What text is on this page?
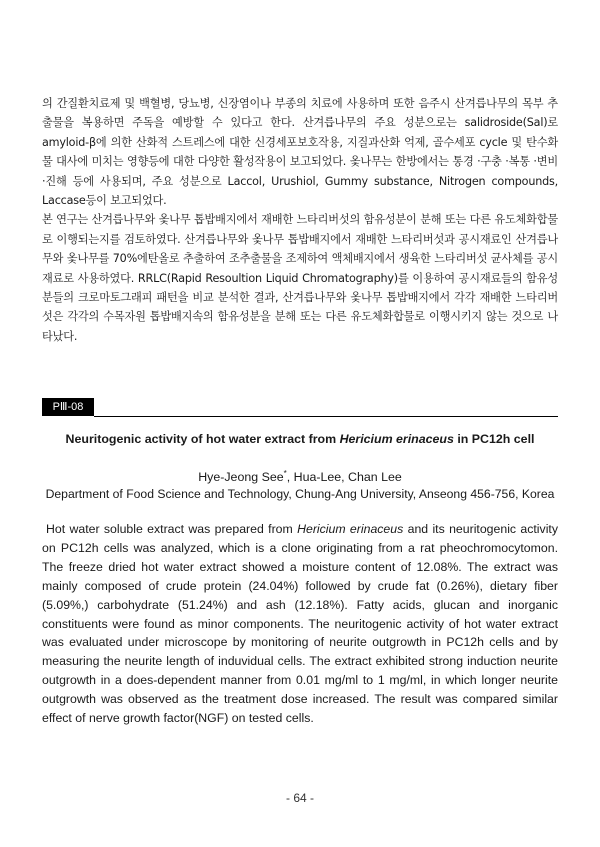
의 간질환치료제 및 백혈병, 당뇨병, 신장염이나 부종의 치료에 사용하며 또한 음주시 산겨릅나무의 목부 추출물을 복용하면 주독을 예방할 수 있다고 한다. 산겨릅나무의 주요 성분으로는 salidroside(Sal)로 amyloid-β에 의한 산화적 스트레스에 대한 신경세포보호작용, 지질과산화 억제, 골수세포 cycle 및 탄수화물 대사에 미치는 영향등에 대한 다양한 활성작용이 보고되었다. 옻나무는 한방에서는 통경 ·구충 ·복통 ·변비 ·진해 등에 사용되며, 주요 성분으로 Laccol, Urushiol, Gummy substance, Nitrogen compounds, Laccase등이 보고되었다.

본 연구는 산겨릅나무와 옻나무 톱밥배지에서 재배한 느타리버섯의 함유성분이 분해 또는 다른 유도체화합물로 이행되는지를 검토하였다. 산겨릅나무와 옻나무 톱밥배지에서 재배한 느타리버섯과 공시재료인 산겨릅나무와 옻나무를 70%에탄올로 추출하여 조추출물을 조제하여 액체배지에서 생육한 느타리버섯 균사체를 공시재료로 사용하였다. RRLC(Rapid Resoultion Liquid Chromatography)를 이용하여 공시재료들의 함유성분들의 크로마토그래피 패턴을 비교 분석한 결과, 산겨릅나무와 옻나무 톱밥배지에서 각각 재배한 느타리버섯은 각각의 수목자원 톱밥배지속의 함유성분을 분해 또는 다른 유도체화합물로 이행시키지 않는 것으로 나타났다.

PⅢ-08
Neuritogenic activity of hot water extract from Hericium erinaceus in PC12h cell
Hye-Jeong See*, Hua-Lee, Chan Lee
Department of Food Science and Technology, Chung-Ang University, Anseong 456-756, Korea

Hot water soluble extract was prepared from Hericium erinaceus and its neuritogenic activity on PC12h cells was analyzed, which is a clone originating from a rat pheochromocytomon. The freeze dried hot water extract showed a moisture content of 12.08%. The extract was mainly composed of crude protein (24.04%) followed by crude fat (0.26%), dietary fiber (5.09%,) carbohydrate (51.24%) and ash (12.18%). Fatty acids, glucan and inorganic constituents were found as minor components. The neuritogenic activity of hot water extract was evaluated under microscope by monitoring of neurite outgrowth in PC12h cells and by measuring the neurite length of induvidual cells. The extract exhibited strong induction neurite outgrowth in a does-dependent manner from 0.01 mg/ml to 1 mg/ml, in which longer neurite outgrowth was observed as the treatment dose increased. The result was compared similar effect of nerve growth factor(NGF) on tested cells.

- 64 -
